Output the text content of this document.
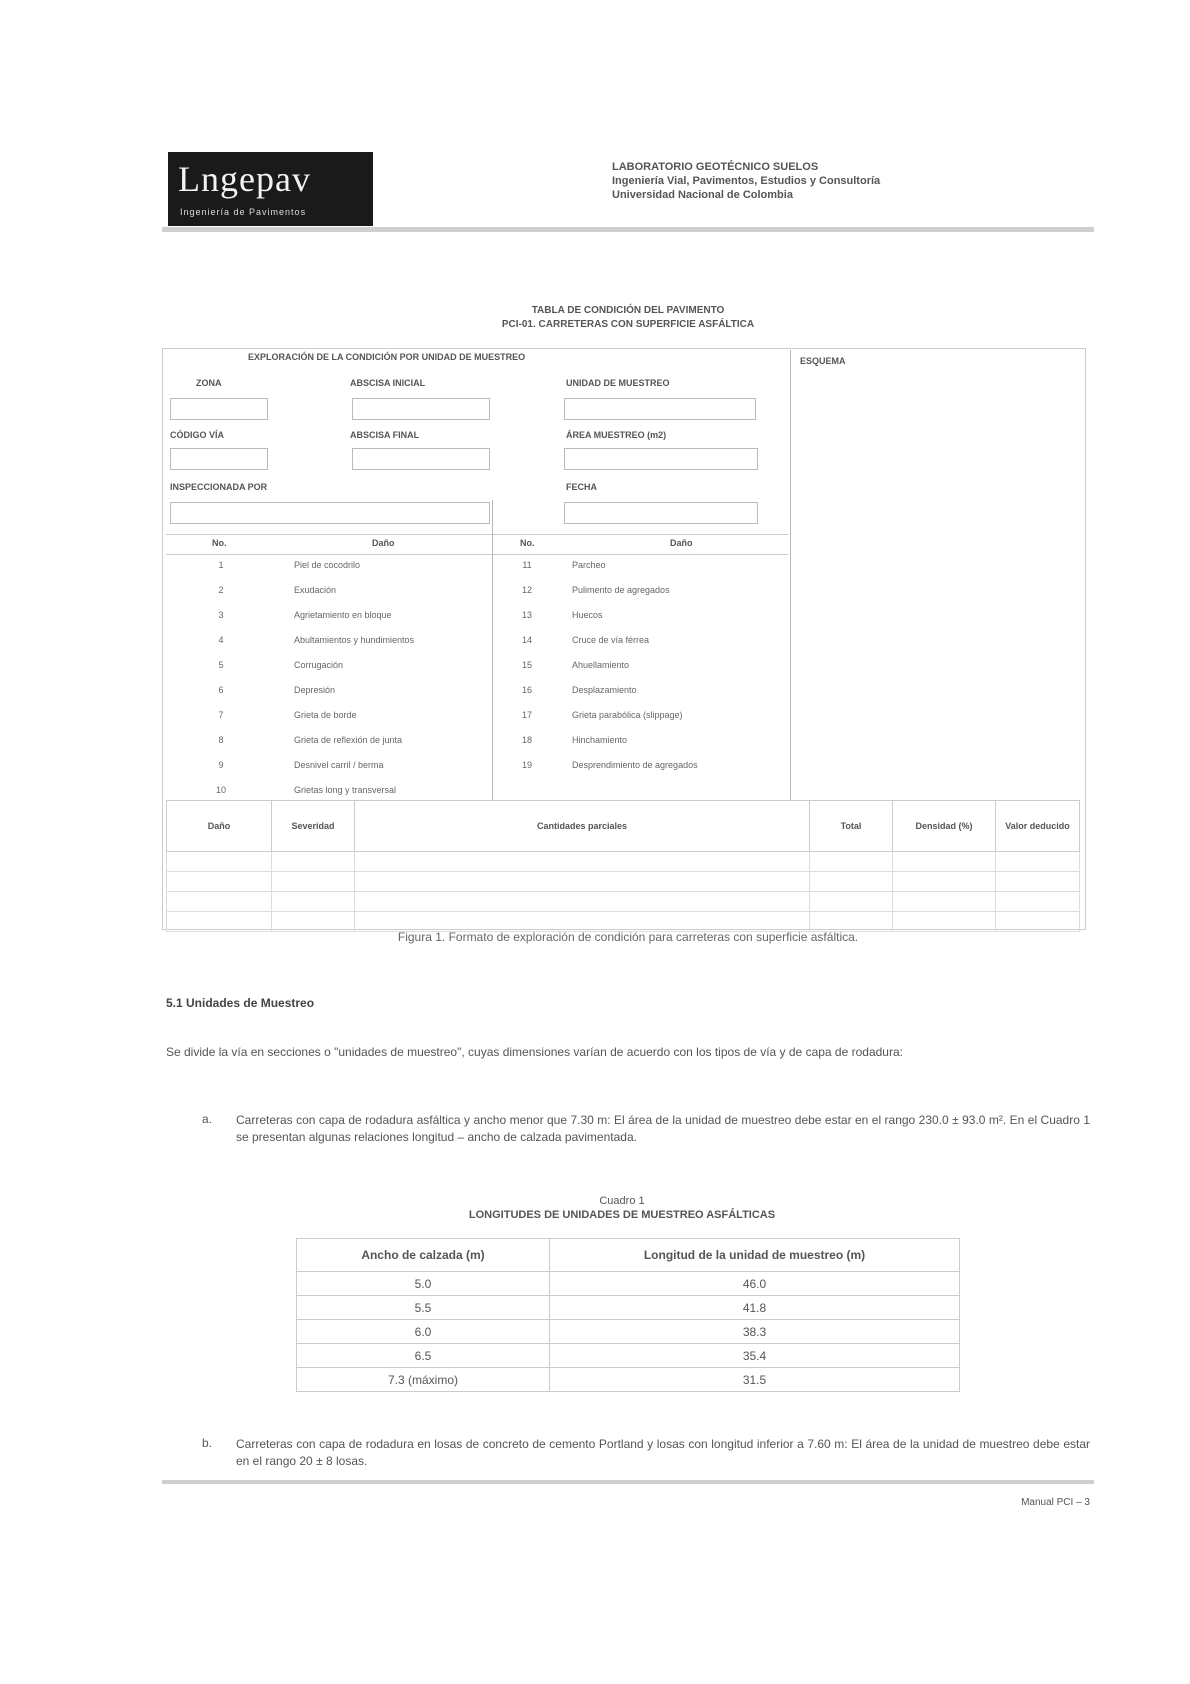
Lngepav
Ingeniería de Pavimentos
LABORATORIO GEOTÉCNICO SUELOS
Ingeniería Vial, Pavimentos, Estudios y Consultoría
Universidad Nacional de Colombia
TABLA DE CONDICIÓN DEL PAVIMENTO
PCI-01. CARRETERAS CON SUPERFICIE ASFÁLTICA
EXPLORACIÓN DE LA CONDICIÓN POR UNIDAD DE MUESTREO	ESQUEMA
ZONA	ABSCISA INICIAL	UNIDAD DE MUESTREO
CÓDIGO VÍA	ABSCISA FINAL	ÁREA MUESTREO (m2)
INSPECCIONADA POR	FECHA
No.	Daño	No.	Daño
1	Piel de cocodrilo
2	Exudación
3	Agrietamiento en bloque
4	Abultamientos y hundimientos
5	Corrugación
6	Depresión
7	Grieta de borde
8	Grieta de reflexión de junta
9	Desnivel carril / berma
10	Grietas long y transversal
11	Parcheo
12	Pulimento de agregados
13	Huecos
14	Cruce de vía férrea
15	Ahuellamiento
16	Desplazamiento
17	Grieta parabólica (slippage)
18	Hinchamiento
19	Desprendimiento de agregados
Daño	Severidad	Cantidades parciales	Total	Densidad (%)	Valor deducido

Figura 1. Formato de exploración de condición para carreteras con superficie asfáltica.
5.1 Unidades de Muestreo
Se divide la vía en secciones o "unidades de muestreo", cuyas dimensiones varían de acuerdo con los tipos de vía y de capa de rodadura:
a. Carreteras con capa de rodadura asfáltica y ancho menor que 7.30 m: El área de la unidad de muestreo debe estar en el rango 230.0 ± 93.0 m². En el Cuadro 1 se presentan algunas relaciones longitud – ancho de calzada pavimentada.
Cuadro 1
LONGITUDES DE UNIDADES DE MUESTREO ASFÁLTICAS
Ancho de calzada (m)	Longitud de la unidad de muestreo (m)
5.0	46.0
5.5	41.8
6.0	38.3
6.5	35.4
7.3 (máximo)	31.5
b. Carreteras con capa de rodadura en losas de concreto de cemento Portland y losas con longitud inferior a 7.60 m: El área de la unidad de muestreo debe estar en el rango 20 ± 8 losas.
Manual PCI – 3
